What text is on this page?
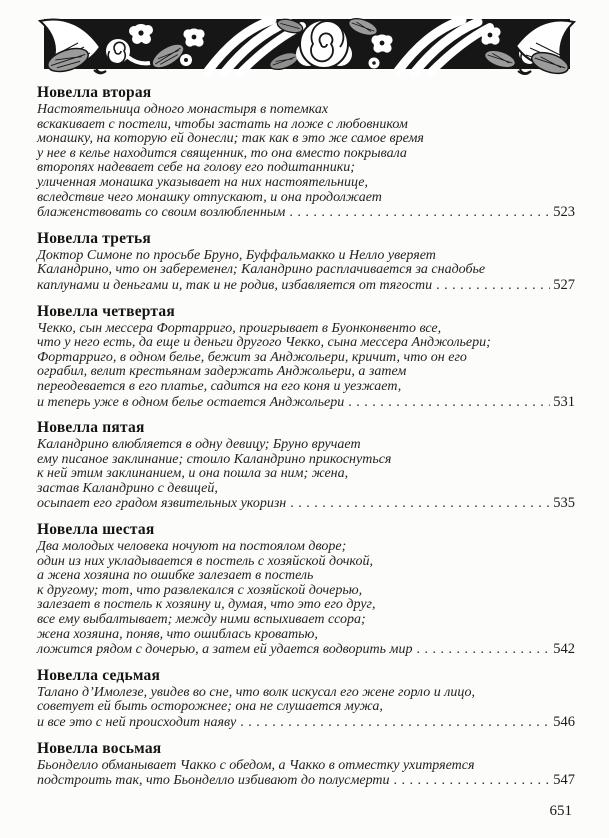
Новелла вторая
Настоятельница одного монастыря в потемках
вскакивает с постели, чтобы застать на ложе с любовником
монашку, на которую ей донесли; так как в это же самое время
у нее в келье находится священник, то она вместо покрывала
второпях надевает себе на голову его подштанники;
уличенная монашка указывает на них настоятельнице,
вследствие чего монашку отпускают, и она продолжает
блаженствовать со своим возлюбленным .....	523
Новелла третья
Доктор Симоне по просьбе Бруно, Буффальмакко и Нелло уверяет
Каландрино, что он забеременел; Каландрино расплачивается за снадобье
каплунами и деньгами и, так и не родив, избавляется от тягости .....	527
Новелла четвертая
Чекко, сын мессера Фортарриго, проигрывает в Буонконвенто все,
что у него есть, да еще и деньги другого Чекко, сына мессера Анджольери;
Фортарриго, в одном белье, бежит за Анджольери, кричит, что он его
ограбил, велит крестьянам задержать Анджольери, а затем
переодевается в его платье, садится на его коня и уезжает,
и теперь уже в одном белье остается Анджольери .....	531
Новелла пятая
Каландрино влюбляется в одну девицу; Бруно вручает
ему писаное заклинание; стоило Каландрино прикоснуться
к ней этим заклинанием, и она пошла за ним; жена,
застав Каландрино с девицей,
осыпает его градом язвительных укоризн .....	535
Новелла шестая
Два молодых человека ночуют на постоялом дворе;
один из них укладывается в постель с хозяйской дочкой,
а жена хозяина по ошибке залезает в постель
к другому; тот, что развлекался с хозяйской дочерью,
залезает в постель к хозяину и, думая, что это его друг,
все ему выбалтывает; между ними вспыхивает ссора;
жена хозяина, поняв, что ошиблась кроватью,
ложится рядом с дочерью, а затем ей удается водворить мир .....	542
Новелла седьмая
Талано д’Имолезе, увидев во сне, что волк искусал его жене горло и лицо,
советует ей быть осторожнее; она не слушается мужа,
и все это с ней происходит наяву .....	546
Новелла восьмая
Бьонделло обманывает Чакко с обедом, а Чакко в отместку ухитряется
подстроить так, что Бьонделло избивают до полусмерти .....	547
651
